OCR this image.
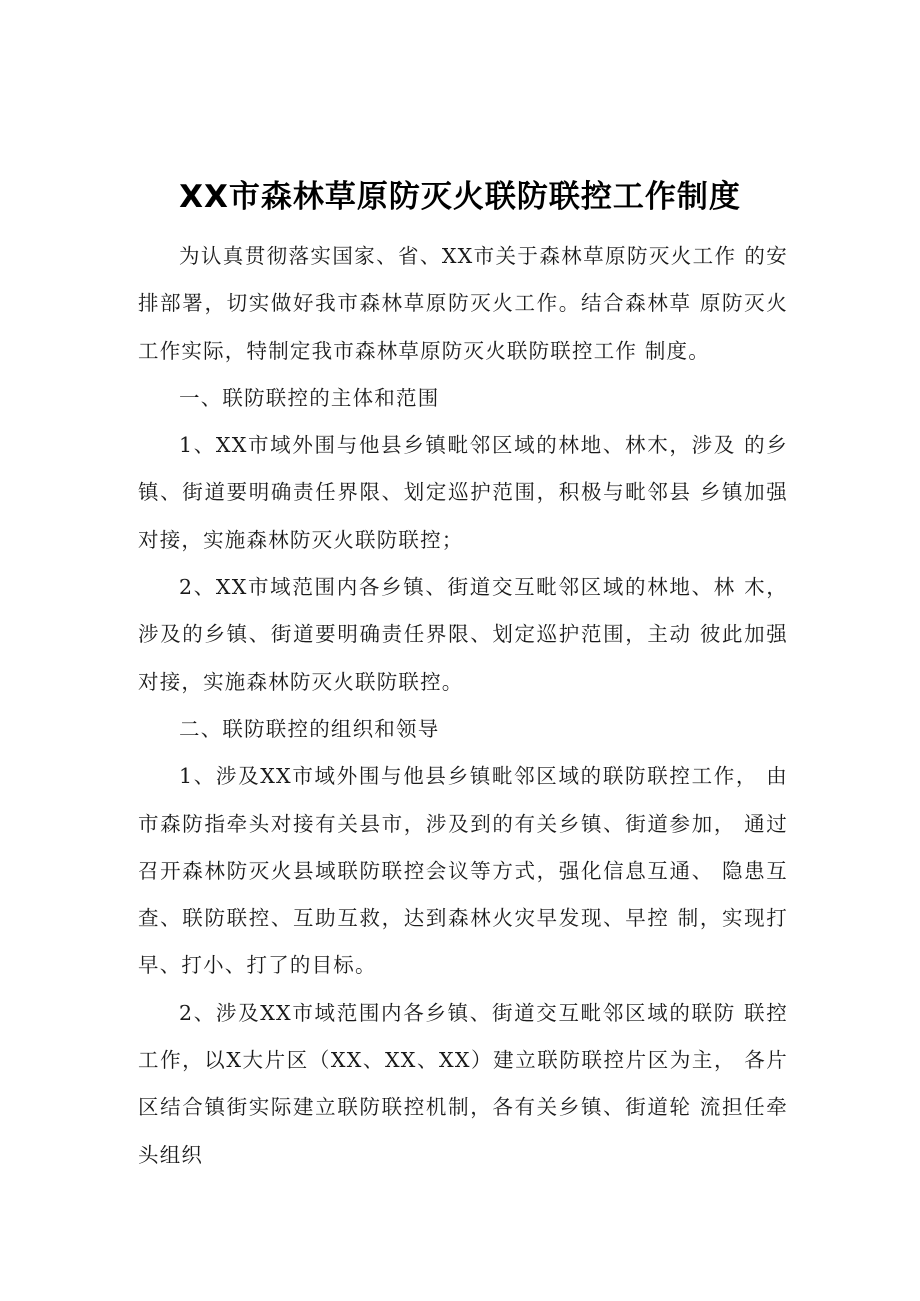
XX市森林草原防灭火联防联控工作制度

为认真贯彻落实国家、省、XX市关于森林草原防灭火工作 的安排部署，切实做好我市森林草原防灭火工作。结合森林草 原防灭火工作实际，特制定我市森林草原防灭火联防联控工作 制度。

一、联防联控的主体和范围

1、XX市域外围与他县乡镇毗邻区域的林地、林木，涉及 的乡镇、街道要明确责任界限、划定巡护范围，积极与毗邻县 乡镇加强对接，实施森林防灭火联防联控；

2、XX市域范围内各乡镇、街道交互毗邻区域的林地、林 木，涉及的乡镇、街道要明确责任界限、划定巡护范围，主动 彼此加强对接，实施森林防灭火联防联控。

二、联防联控的组织和领导

1、涉及XX市域外围与他县乡镇毗邻区域的联防联控工作， 由市森防指牵头对接有关县市，涉及到的有关乡镇、街道参加， 通过召开森林防灭火县域联防联控会议等方式，强化信息互通、 隐患互查、联防联控、互助互救，达到森林火灾早发现、早控 制，实现打早、打小、打了的目标。

2、涉及XX市域范围内各乡镇、街道交互毗邻区域的联防 联控工作，以X大片区（XX、XX、XX）建立联防联控片区为主， 各片区结合镇街实际建立联防联控机制，各有关乡镇、街道轮 流担任牵头组织
